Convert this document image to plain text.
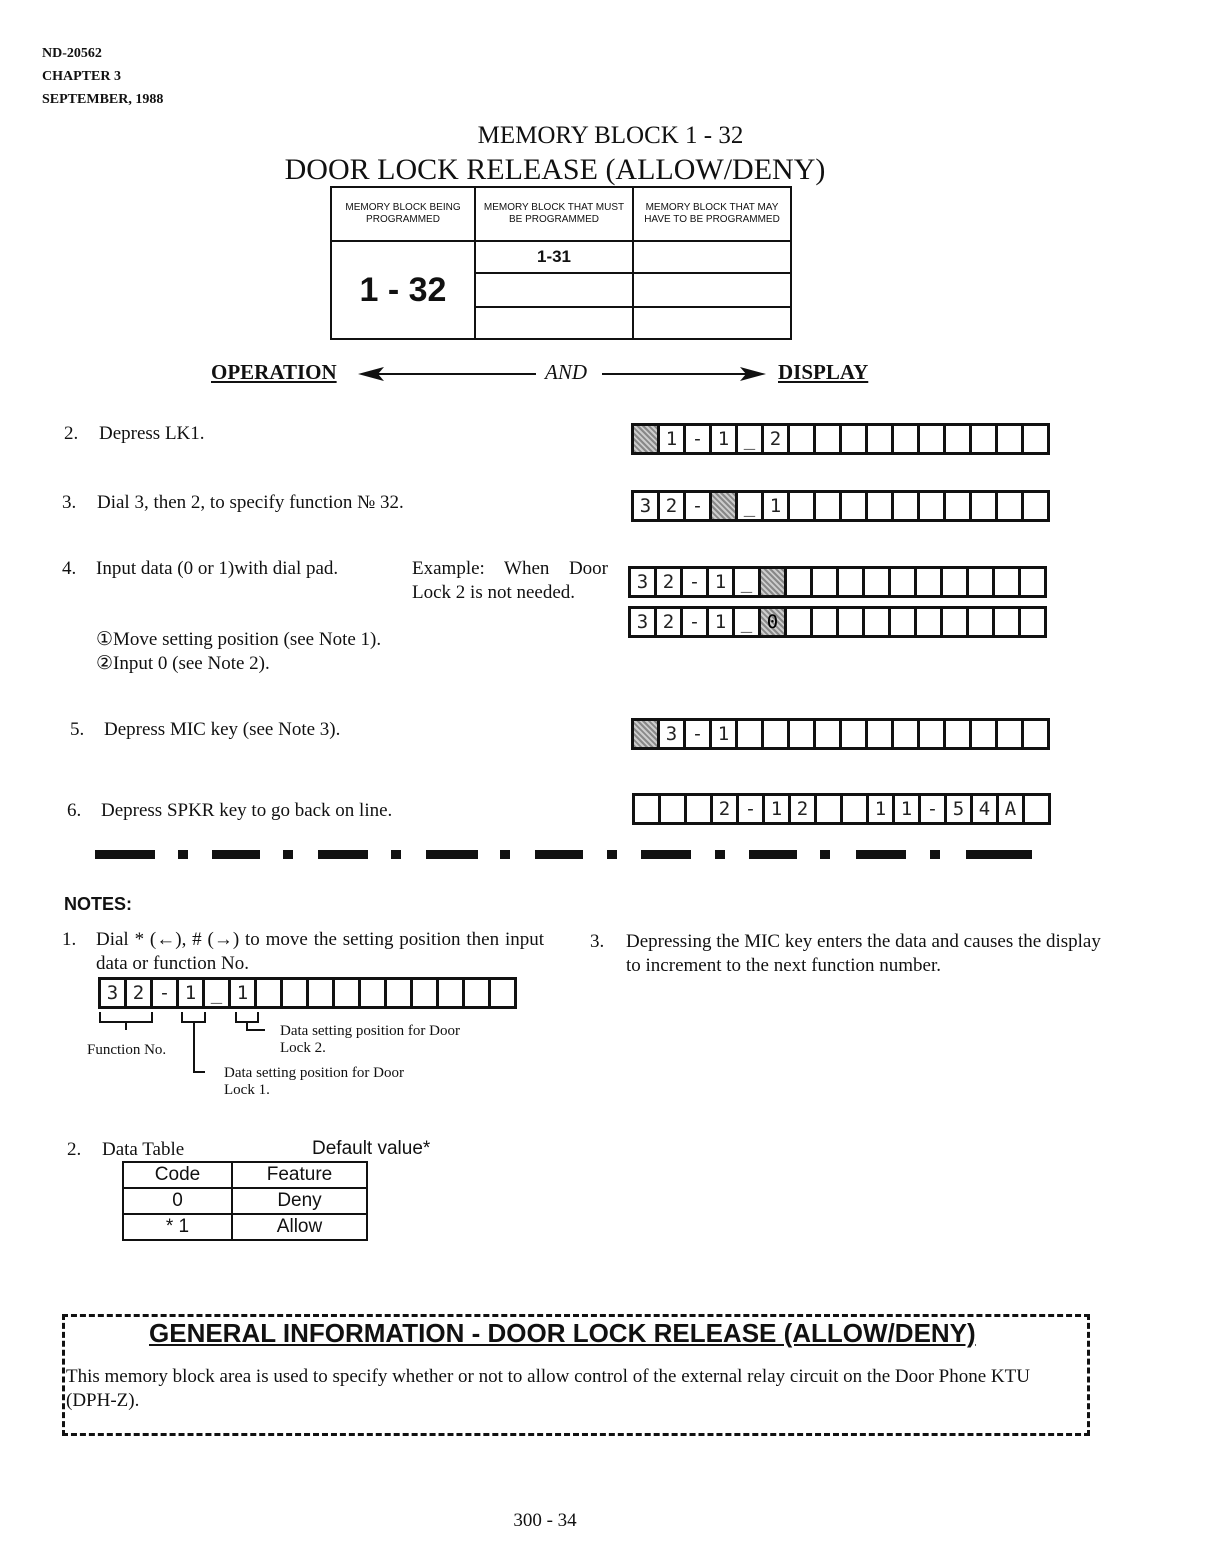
ND-20562
CHAPTER 3
SEPTEMBER, 1988
MEMORY BLOCK 1 - 32
DOOR LOCK RELEASE (ALLOW/DENY)
MEMORY BLOCK BEING PROGRAMMED	MEMORY BLOCK THAT MUST BE PROGRAMMED	MEMORY BLOCK THAT MAY HAVE TO BE PROGRAMMED
1 - 32	1-31	

OPERATION	AND	DISPLAY
2. Depress LK1.
3. Dial 3, then 2, to specify function № 32.
4. Input data (0 or 1)with dial pad.	Example: When Door Lock 2 is not needed.
①Move setting position (see Note 1).
②Input 0 (see Note 2).
5. Depress MIC key (see Note 3).
6. Depress SPKR key to go back on line.
1 - 1 _ 2
3 2 -	_ 1
3 2 - 1 _
3 2 - 1 _ 0
3 - 1
2 - 1 2	1 1 - 5 4 A
NOTES:
1. Dial * (←), # (→) to move the setting position then input data or function No.
3 2 - 1 _ 1
Function No.
Data setting position for Door Lock 2.
Data setting position for Door Lock 1.
2. Data Table	Default value*
Code	Feature
0	Deny
* 1	Allow
3. Depressing the MIC key enters the data and causes the display to increment to the next function number.
GENERAL INFORMATION - DOOR LOCK RELEASE (ALLOW/DENY)
This memory block area is used to specify whether or not to allow control of the external relay circuit on the Door Phone KTU (DPH-Z).
300 - 34
